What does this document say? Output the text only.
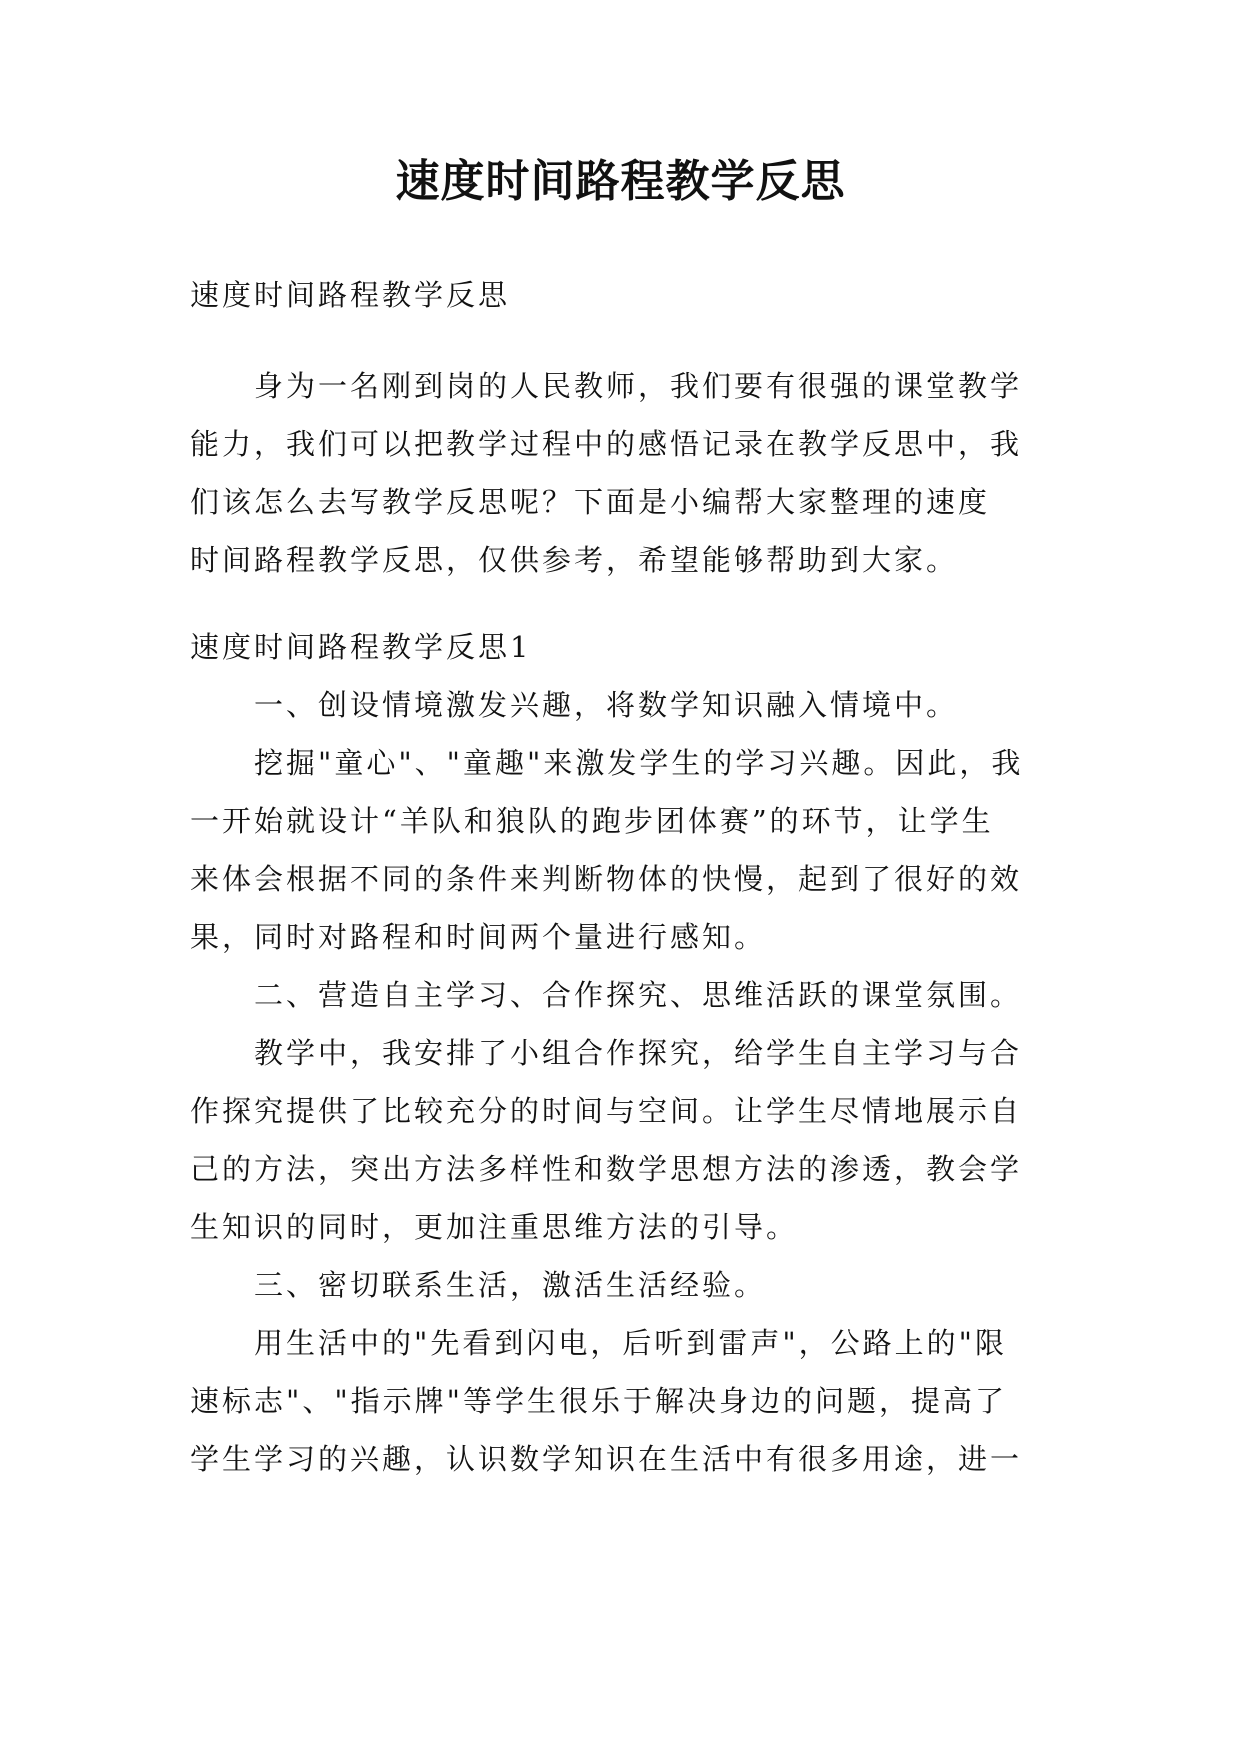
速度时间路程教学反思

速度时间路程教学反思

身为一名刚到岗的人民教师，我们要有很强的课堂教学
能力，我们可以把教学过程中的感悟记录在教学反思中，我
们该怎么去写教学反思呢？下面是小编帮大家整理的速度
时间路程教学反思，仅供参考，希望能够帮助到大家。

速度时间路程教学反思1
一、创设情境激发兴趣，将数学知识融入情境中。
挖掘"童心"、"童趣"来激发学生的学习兴趣。因此，我
一开始就设计“羊队和狼队的跑步团体赛”的环节，让学生
来体会根据不同的条件来判断物体的快慢，起到了很好的效
果，同时对路程和时间两个量进行感知。
二、营造自主学习、合作探究、思维活跃的课堂氛围。
教学中，我安排了小组合作探究，给学生自主学习与合
作探究提供了比较充分的时间与空间。让学生尽情地展示自
己的方法，突出方法多样性和数学思想方法的渗透，教会学
生知识的同时，更加注重思维方法的引导。
三、密切联系生活，激活生活经验。
用生活中的"先看到闪电，后听到雷声"，公路上的"限
速标志"、"指示牌"等学生很乐于解决身边的问题，提高了
学生学习的兴趣，认识数学知识在生活中有很多用途，进一
